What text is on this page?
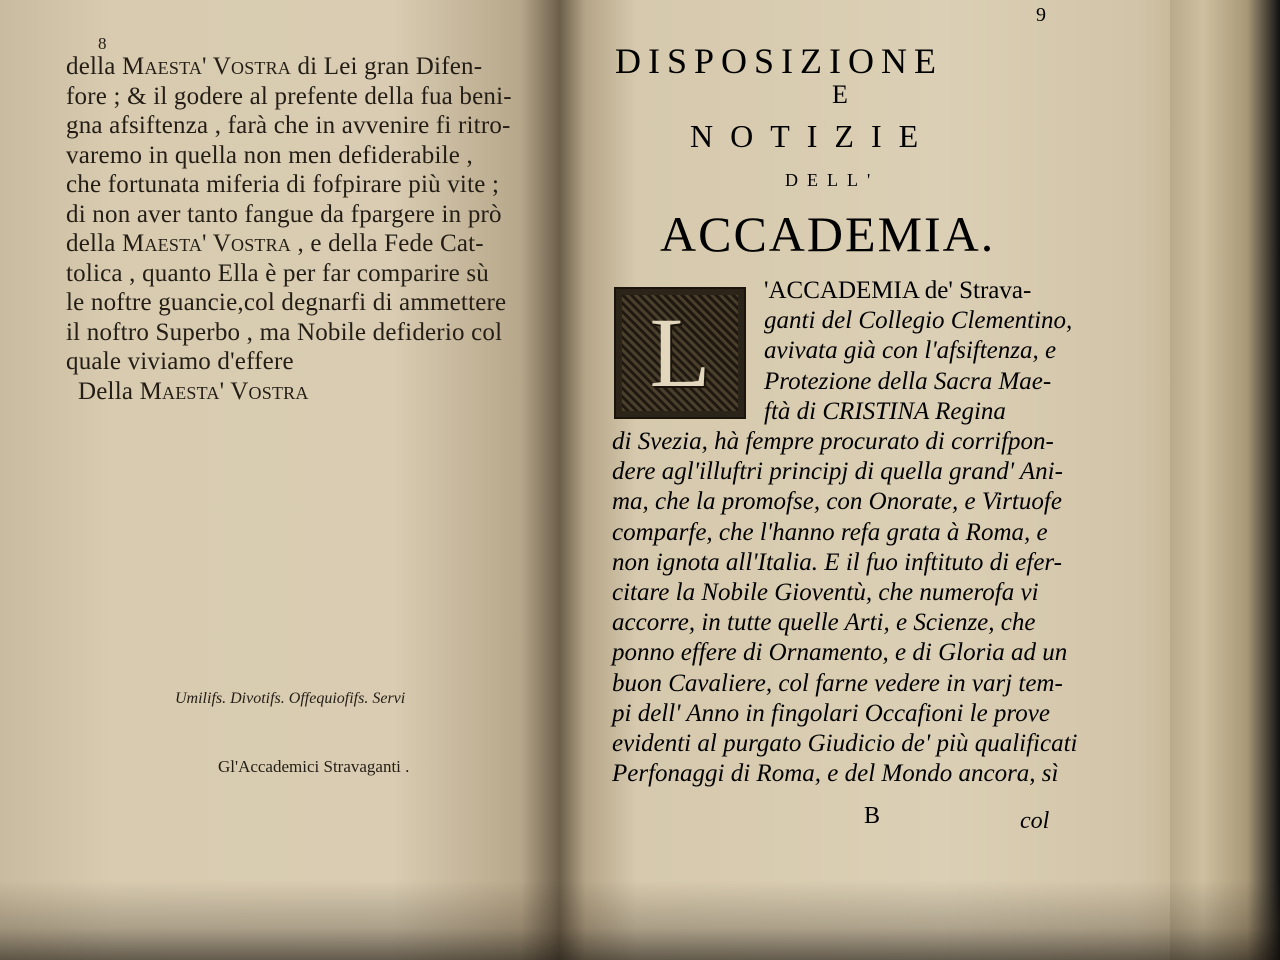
8
della Maesta' Vostra di Lei gran Difen-
fore ; & il godere al prefente della fua beni-
gna afsiftenza , farà che in avvenire fi ritro-
varemo in quella non men defiderabile ,
che fortunata miferia di fofpirare più vite ;
di non aver tanto fangue da fpargere in prò
della Maesta' Vostra , e della Fede Cat-
tolica , quanto Ella è per far comparire sù
le noftre guancie,col degnarfi di ammettere
il noftro Superbo , ma Nobile defiderio col
quale viviamo d'effere
Della Maesta' Vostra
Umilifs. Divotifs. Offequiofifs. Servi
Gl'Accademici Stravaganti .
9
DISPOSIZIONE
E
NOTIZIE
DELL'
ACCADEMIA.
L
'ACCADEMIA de' Strava-
ganti del Collegio Clementino,
avivata già con l'afsiftenza, e
Protezione della Sacra Mae-
ftà di CRISTINA Regina
di Svezia, hà fempre procurato di corrifpon-
dere agl'illuftri principj di quella grand' Ani-
ma, che la promofse, con Onorate, e Virtuofe
comparfe, che l'hanno refa grata à Roma, e
non ignota all'Italia. E il fuo inftituto di efer-
citare la Nobile Gioventù, che numerofa vi
accorre, in tutte quelle Arti, e Scienze, che
ponno effere di Ornamento, e di Gloria ad un
buon Cavaliere, col farne vedere in varj tem-
pi dell' Anno in fingolari Occafioni le prove
evidenti al purgato Giudicio de' più qualificati
Perfonaggi di Roma, e del Mondo ancora, sì
B	col
